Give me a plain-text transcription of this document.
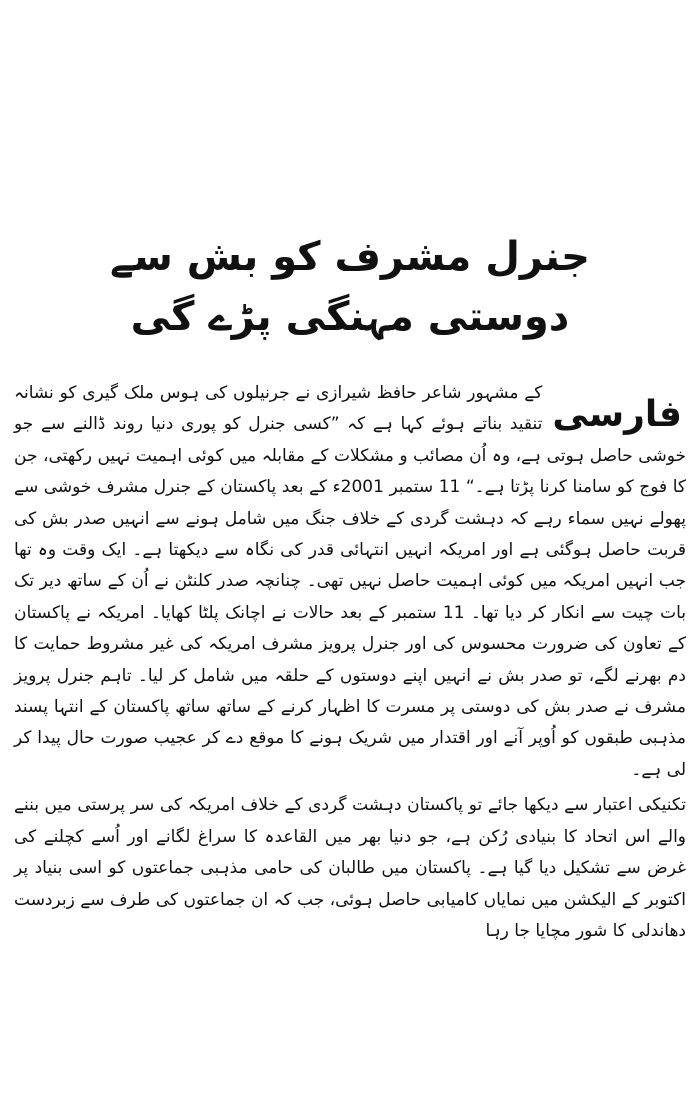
جنرل مشرف کو بش سے دوستی مہنگی پڑے گی

فارسی
کے مشہور شاعر حافظ شیرازی نے جرنیلوں کی ہوس ملک گیری کو نشانہ تنقید بناتے ہوئے کہا ہے کہ ”کسی جنرل کو پوری دنیا روند ڈالنے سے جو خوشی حاصل ہوتی ہے، وہ اُن مصائب و مشکلات کے مقابلہ میں کوئی اہمیت نہیں رکھتی، جن کا فوج کو سامنا کرنا پڑتا ہے۔“ 11 ستمبر 2001ء کے بعد پاکستان کے جنرل مشرف خوشی سے پھولے نہیں سماء رہے کہ دہشت گردی کے خلاف جنگ میں شامل ہونے سے انہیں صدر بش کی قربت حاصل ہوگئی ہے اور امریکہ انہیں انتہائی قدر کی نگاہ سے دیکھتا ہے۔ ایک وقت وہ تھا جب انہیں امریکہ میں کوئی اہمیت حاصل نہیں تھی۔ چنانچہ صدر کلنٹن نے اُن کے ساتھ دیر تک بات چیت سے انکار کر دیا تھا۔ 11 ستمبر کے بعد حالات نے اچانک پلٹا کھایا۔ امریکہ نے پاکستان کے تعاون کی ضرورت محسوس کی اور جنرل پرویز مشرف امریکہ کی غیر مشروط حمایت کا دم بھرنے لگے، تو صدر بش نے انہیں اپنے دوستوں کے حلقہ میں شامل کر لیا۔ تاہم جنرل پرویز مشرف نے صدر بش کی دوستی پر مسرت کا اظہار کرنے کے ساتھ ساتھ پاکستان کے انتہا پسند مذہبی طبقوں کو اُوپر آنے اور اقتدار میں شریک ہونے کا موقع دے کر عجیب صورت حال پیدا کر لی ہے۔

تکنیکی اعتبار سے دیکھا جائے تو پاکستان دہشت گردی کے خلاف امریکہ کی سر پرستی میں بننے والے اس اتحاد کا بنیادی رُکن ہے، جو دنیا بھر میں القاعدہ کا سراغ لگانے اور اُسے کچلنے کی غرض سے تشکیل دیا گیا ہے۔ پاکستان میں طالبان کی حامی مذہبی جماعتوں کو اسی بنیاد پر اکتوبر کے الیکشن میں نمایاں کامیابی حاصل ہوئی، جب کہ ان جماعتوں کی طرف سے زبردست دھاندلی کا شور مچایا جا رہا
